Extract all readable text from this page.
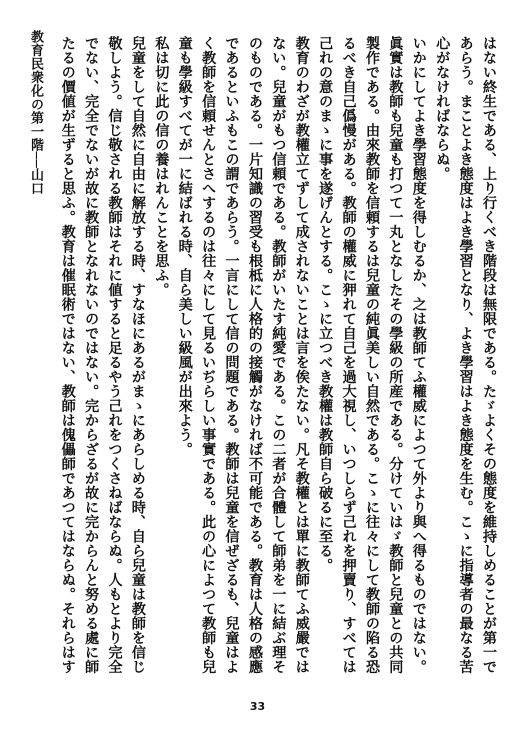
教育民衆化の第一階──山口	はない終生である、上り行くべき階段は無限である。たゞよくその態度を維持しめることが第一であらう。まことよき態度はよき學習となり、よき學習はよき態度を生む。こゝに指導者の最なる苦心がなければならぬ。

いかにしてよき學習態度を得しむるか、之は教師てふ權威によつて外より與へ得るものではない。眞實は教師も兒童も打つて一丸となしたその學級の所産である。分けていはゞ教師と兒童との共同製作である。由來教師を信頼するは兒童の純眞美しい自然である。こゝに往々にして教師の陷る恐るべき自己僞慢がある。教師の權威に狎れて自己を過大視し、いつしらず己れを押賣り、すべては己れの意のまゝに事を遂げんとする。こゝに立つべき教權は教師自ら破るに至る。

教育のわざが教權立てずして成されないことは言を俟たない。凡そ教權とは單に教師てふ威嚴ではない。兒童がもつ信頼である。教師がいたす純愛である。この二者が合體して師弟を一に結ぶ理そのものである。一片知識の習受も根柢に人格的の接觸がなければ不可能である。教育は人格の感應であるといふもこの謂であらう。一言にして信の問題である。教師は兒童を信ぜざるも、兒童はよく教師を信頼せんとさへするのは往々にして見るいぢらしい事實である。此の心によつて教師も兒童も學級すべてが一に結ばれる時、自ら美しい級風が出來よう。

私は切に此の信の養はれんことを思ふ。

兒童をして自然に自由に解放する時、すなほにあるがまゝにあらしめる時、自ら兒童は教師を信じ敬しよう。信じ敬される教師はそれに値すると足るやう己れをつくさねばならぬ。人もとより完全でない、完全でないが故に教師となれないのではない。完からざるが故に完からんと努める處に師たるの價値が生ずると思ふ。教育は催眠術ではない、教師は傀儡師であつてはならぬ。それらはす

33
